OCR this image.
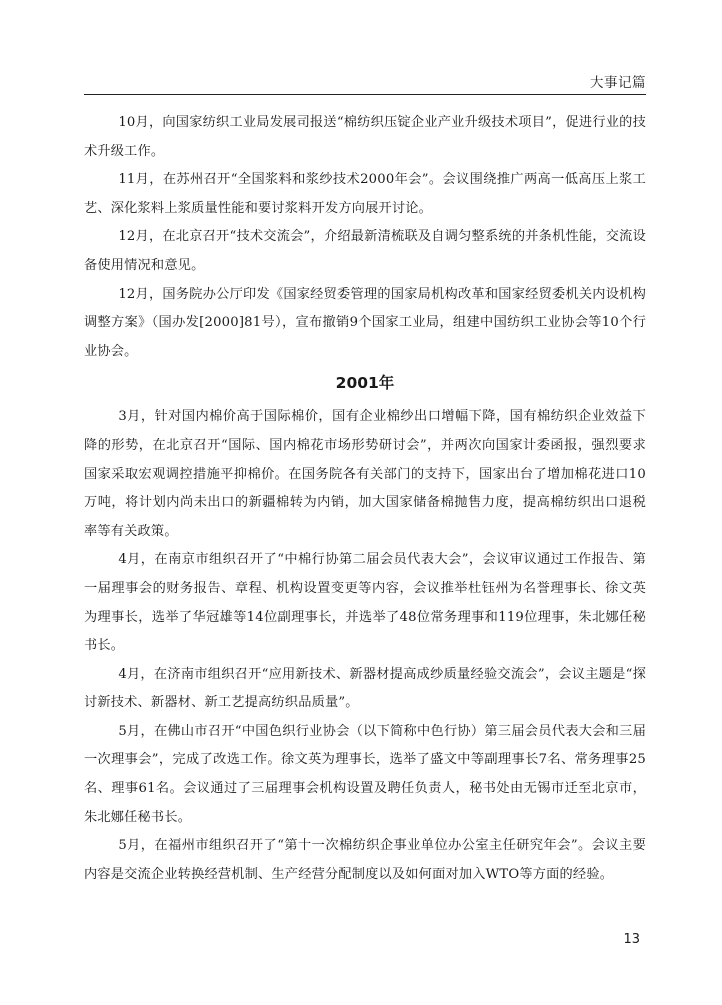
大事记篇

10月，向国家纺织工业局发展司报送“棉纺织压锭企业产业升级技术项目”，促进行业的技术升级工作。

11月，在苏州召开“全国浆料和浆纱技术2000年会”。会议围绕推广两高一低高压上浆工艺、深化浆料上浆质量性能和要讨浆料开发方向展开讨论。

12月，在北京召开“技术交流会”，介绍最新清梳联及自调匀整系统的并条机性能，交流设备使用情况和意见。

12月，国务院办公厅印发《国家经贸委管理的国家局机构改革和国家经贸委机关内设机构调整方案》（国办发[2000]81号），宣布撤销9个国家工业局，组建中国纺织工业协会等10个行业协会。

2001年

3月，针对国内棉价高于国际棉价，国有企业棉纱出口增幅下降，国有棉纺织企业效益下降的形势，在北京召开“国际、国内棉花市场形势研讨会”，并两次向国家计委函报，强烈要求国家采取宏观调控措施平抑棉价。在国务院各有关部门的支持下，国家出台了增加棉花进口10万吨，将计划内尚未出口的新疆棉转为内销，加大国家储备棉抛售力度，提高棉纺织出口退税率等有关政策。

4月，在南京市组织召开了“中棉行协第二届会员代表大会”，会议审议通过工作报告、第一届理事会的财务报告、章程、机构设置变更等内容，会议推举杜钰州为名誉理事长、徐文英为理事长，选举了华冠雄等14位副理事长，并选举了48位常务理事和119位理事，朱北娜任秘书长。

4月，在济南市组织召开“应用新技术、新器材提高成纱质量经验交流会”，会议主题是“探讨新技术、新器材、新工艺提高纺织品质量”。

5月，在佛山市召开“中国色织行业协会（以下简称中色行协）第三届会员代表大会和三届一次理事会”，完成了改选工作。徐文英为理事长，选举了盛文中等副理事长7名、常务理事25名、理事61名。会议通过了三届理事会机构设置及聘任负责人，秘书处由无锡市迁至北京市，朱北娜任秘书长。

5月，在福州市组织召开了“第十一次棉纺织企事业单位办公室主任研究年会”。会议主要内容是交流企业转换经营机制、生产经营分配制度以及如何面对加入WTO等方面的经验。

13
